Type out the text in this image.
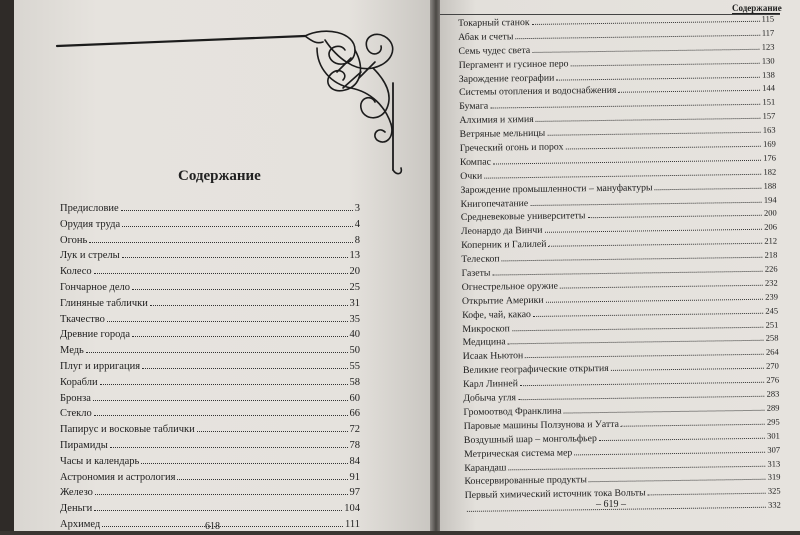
Содержание
Предисловие	3
Орудия труда	4
Огонь	8
Лук и стрелы	13
Колесо	20
Гончарное дело	25
Глиняные таблички	31
Ткачество	35
Древние города	40
Медь	50
Плуг и ирригация	55
Корабли	58
Бронза	60
Стекло	66
Папирус и восковые таблички	72
Пирамиды	78
Часы и календарь	84
Астрономия и астрология	91
Железо	97
Деньги	104
Архимед	111
618
Содержание
Токарный станок	115
Абак и счеты	117
Семь чудес света	123
Пергамент и гусиное перо	130
Зарождение географии	138
Системы отопления и водоснабжения	144
Бумага	151
Алхимия и химия	157
Ветряные мельницы	163
Греческий огонь и порох	169
Компас	176
Очки	182
Зарождение промышленности – мануфактуры	188
Книгопечатание	194
Средневековые университеты	200
Леонардо да Винчи	206
Коперник и Галилей	212
Телескоп	218
Газеты	226
Огнестрельное оружие	232
Открытие Америки	239
Кофе, чай, какао	245
Микроскоп	251
Медицина	258
Исаак Ньютон	264
Великие географические открытия	270
Карл Линней	276
Добыча угля	283
Громоотвод Франклина	289
Паровые машины Ползунова и Уатта	295
Воздушный шар – монгольфьер	301
Метрическая система мер	307
Карандаш	313
Консервированные продукты	319
Первый химический источник тока Вольты	325
332
– 619 –
